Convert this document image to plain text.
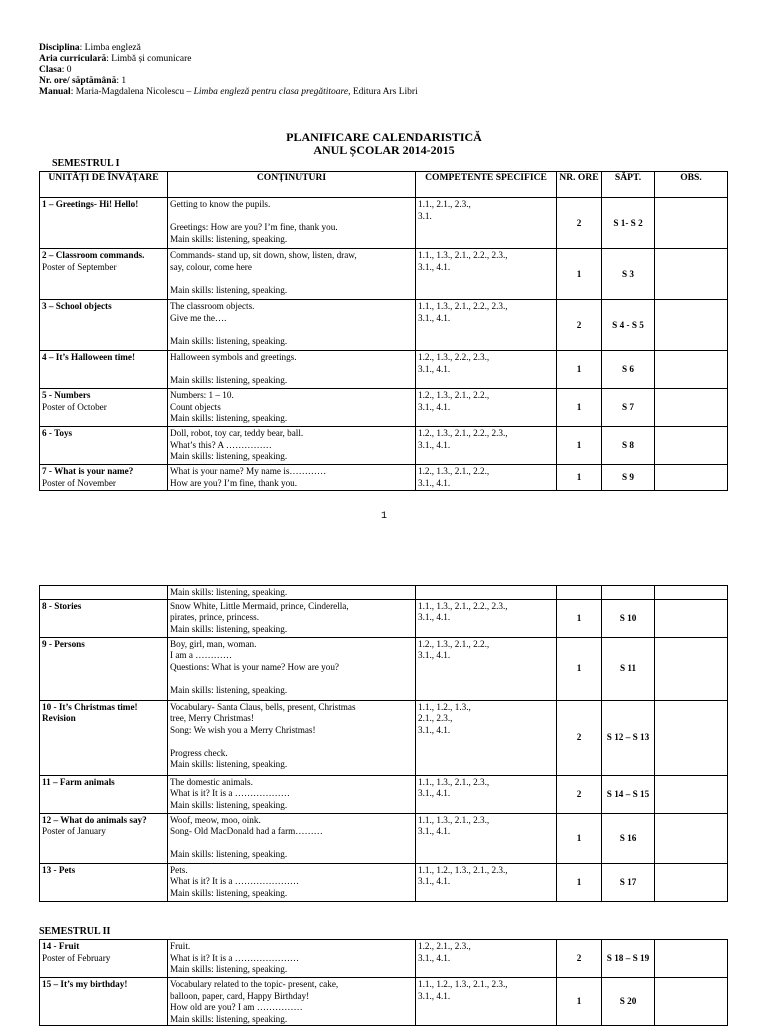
Disciplina: Limba engleză
Aria curriculară: Limbă și comunicare
Clasa: 0
Nr. ore/ săptămână: 1
Manual: Maria-Magdalena Nicolescu – Limba engleză pentru clasa pregătitoare, Editura Ars Libri
PLANIFICARE CALENDARISTICĂ
ANUL ȘCOLAR 2014-2015
SEMESTRUL I
UNITĂȚI DE ÎNVĂȚARE	CONȚINUTURI	COMPETENTE SPECIFICE	NR. ORE	SĂPT.	OBS.

1 – Greetings- Hi! Hello!	Getting to know the pupils.
Greetings: How are you? I’m fine, thank you.
Main skills: listening, speaking.	1.1., 2.1., 2.3.,
3.1.	2	S 1- S 2	

2 – Classroom commands.
Poster of September	Commands- stand up, sit down, show, listen, draw,
say, colour, come here
Main skills: listening, speaking.	1.1., 1.3., 2.1., 2.2., 2.3.,
3.1., 4.1.	1	S 3	

3 – School objects	The classroom objects.
Give me the….
Main skills: listening, speaking.	1.1., 1.3., 2.1., 2.2., 2.3.,
3.1., 4.1.	2	S 4 - S 5	

4 – It’s Halloween time!	Halloween symbols and greetings.
Main skills: listening, speaking.	1.2., 1.3., 2.2., 2.3.,
3.1., 4.1.	1	S 6	

5 - Numbers
Poster of October	Numbers: 1 – 10.
Count objects
Main skills: listening, speaking.	1.2., 1.3., 2.1., 2.2.,
3.1., 4.1.	1	S 7	

6 - Toys	Doll, robot, toy car, teddy bear, ball.
What’s this? A ……………
Main skills: listening, speaking.	1.2., 1.3., 2.1., 2.2., 2.3.,
3.1., 4.1.	1	S 8	

7 - What is your name?
Poster of November	What is your name? My name is…………
How are you? I’m fine, thank you.	1.2., 1.3., 2.1., 2.2.,
3.1., 4.1.	1	S 9	
1

	Main skills: listening, speaking.				

8 - Stories	Snow White, Little Mermaid, prince, Cinderella,
pirates, prince, princess.
Main skills: listening, speaking.	1.1., 1.3., 2.1., 2.2., 2.3.,
3.1., 4.1.	1	S 10	

9 - Persons	Boy, girl, man, woman.
I am a …………
Questions: What is your name? How are you?
Main skills: listening, speaking.	1.2., 1.3., 2.1., 2.2.,
3.1., 4.1.	1	S 11	

10 - It’s Christmas time! Revision	Vocabulary- Santa Claus, bells, present, Christmas
tree, Merry Christmas!
Song: We wish you a Merry Christmas!
Progress check.
Main skills: listening, speaking.	1.1., 1.2., 1.3.,
2.1., 2.3.,
3.1., 4.1.	2	S 12 – S 13	

11 – Farm animals	The domestic animals.
What is it? It is a ………………
Main skills: listening, speaking.	1.1., 1.3., 2.1., 2.3.,
3.1., 4.1.	2	S 14 – S 15	

12 – What do animals say?
Poster of January	Woof, meow, moo, oink.
Song- Old MacDonald had a farm………
Main skills: listening, speaking.	1.1., 1.3., 2.1., 2.3.,
3.1., 4.1.	1	S 16	

13 - Pets	Pets.
What is it? It is a …………………
Main skills: listening, speaking.	1.1., 1.2., 1.3., 2.1., 2.3.,
3.1., 4.1.	1	S 17	
SEMESTRUL II
14 - Fruit
Poster of February	Fruit.
What is it? It is a …………………
Main skills: listening, speaking.	1.2., 2.1., 2.3.,
3.1., 4.1.	2	S 18 – S 19	

15 – It’s my birthday!	Vocabulary related to the topic- present, cake,
balloon, paper, card, Happy Birthday!
How old are you? I am ……………
Main skills: listening, speaking.	1.1., 1.2., 1.3., 2.1., 2.3.,
3.1., 4.1.	1	S 20	
